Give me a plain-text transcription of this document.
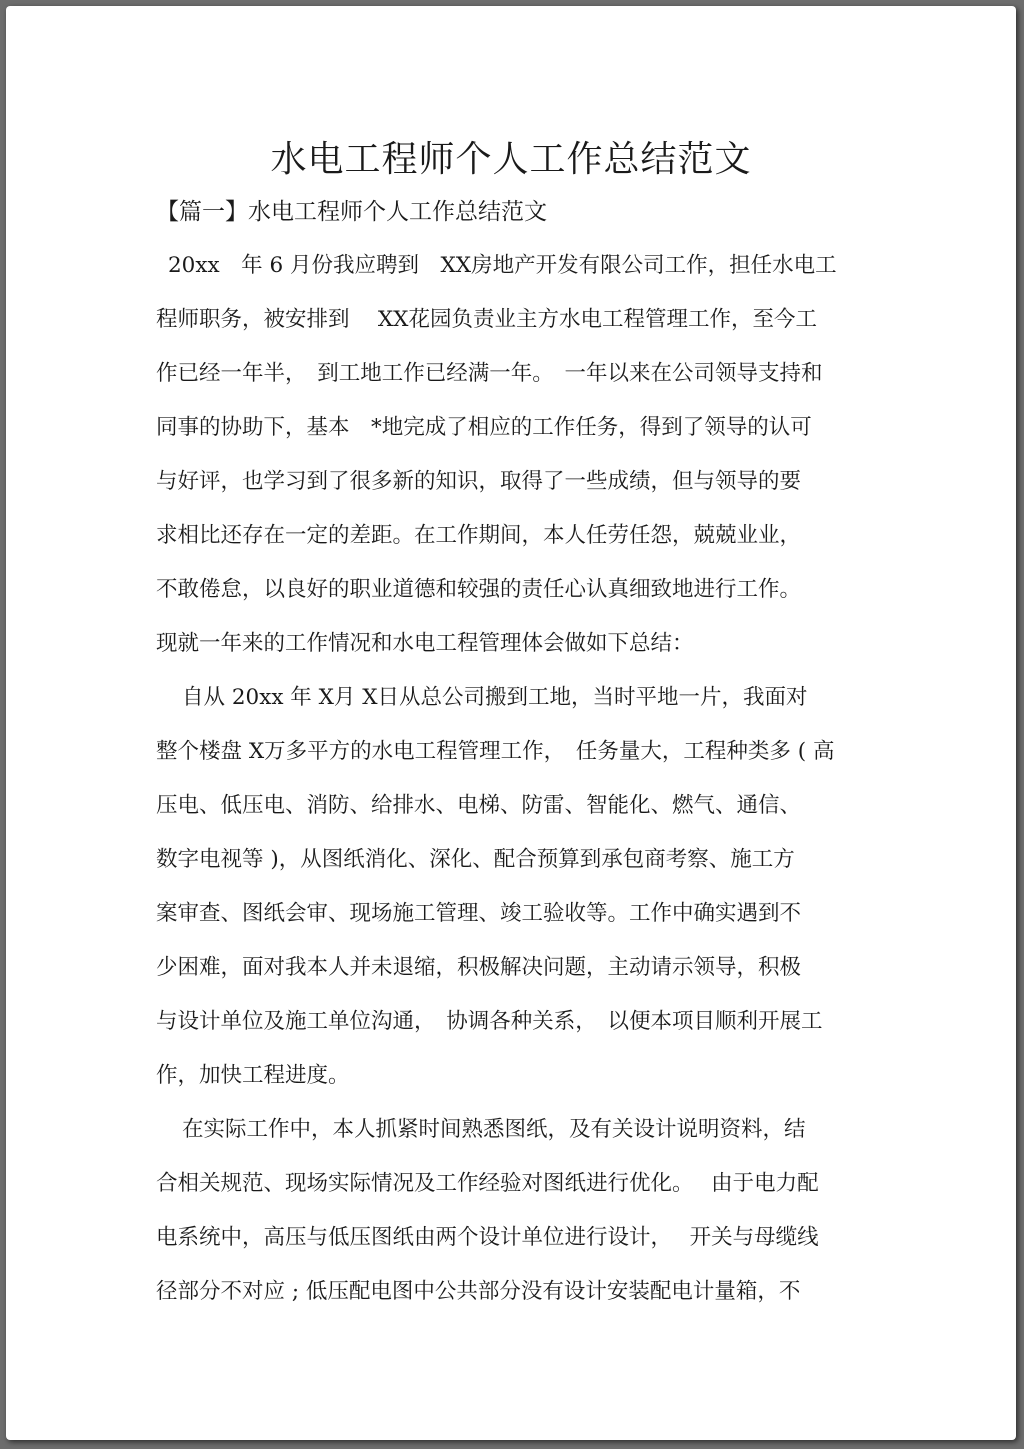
水电工程师个人工作总结范文
【篇一】水电工程师个人工作总结范文
20xx　年 6 月份我应聘到　XX房地产开发有限公司工作，担任水电工
程师职务，被安排到　 XX花园负责业主方水电工程管理工作，至今工
作已经一年半，　到工地工作已经满一年。　一年以来在公司领导支持和
同事的协助下，基本　*地完成了相应的工作任务，得到了领导的认可
与好评，也学习到了很多新的知识，取得了一些成绩，但与领导的要
求相比还存在一定的差距。在工作期间，本人任劳任怨，兢兢业业，
不敢倦怠，以良好的职业道德和较强的责任心认真细致地进行工作。
现就一年来的工作情况和水电工程管理体会做如下总结：
自从 20xx 年 X月 X日从总公司搬到工地，当时平地一片，我面对
整个楼盘 X万多平方的水电工程管理工作，　任务量大，工程种类多 ( 高
压电、低压电、消防、给排水、电梯、防雷、智能化、燃气、通信、
数字电视等 )，从图纸消化、深化、配合预算到承包商考察、施工方
案审查、图纸会审、现场施工管理、竣工验收等。工作中确实遇到不
少困难，面对我本人并未退缩，积极解决问题，主动请示领导，积极
与设计单位及施工单位沟通，　协调各种关系，　以便本项目顺利开展工
作，加快工程进度。
在实际工作中，本人抓紧时间熟悉图纸，及有关设计说明资料，结
合相关规范、现场实际情况及工作经验对图纸进行优化。　 由于电力配
电系统中，高压与低压图纸由两个设计单位进行设计，　 开关与母缆线
径部分不对应 ; 低压配电图中公共部分没有设计安装配电计量箱，不
